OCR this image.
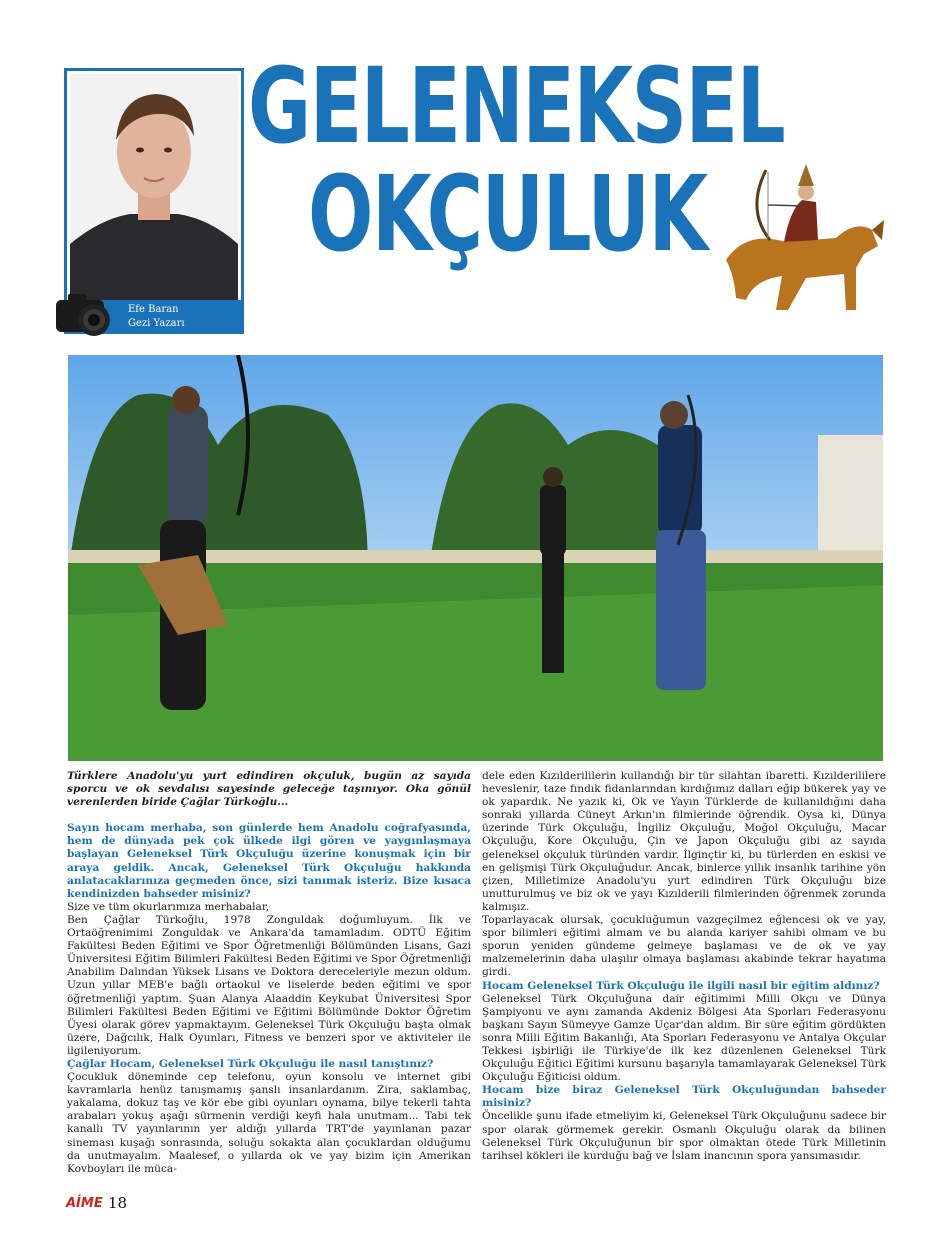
Efe Baran
Gezi Yazarı
GELENEKSEL
OKÇULUK

Türklere Anadolu'yu yurt edindiren okçuluk, bugün az sayıda sporcu ve ok sevdalısı sayesinde geleceğe taşınıyor. Oka gönül verenlerden biride Çağlar Türkoğlu...

Sayın hocam merhaba, son günlerde hem Anadolu coğrafyasında, hem de dünyada pek çok ülkede ilgi gören ve yaygınlaşmaya başlayan Geleneksel Türk Okçuluğu üzerine konuşmak için bir araya geldik. Ancak, Geleneksel Türk Okçuluğu hakkında anlatacaklarınıza geçmeden önce, sizi tanımak isteriz. Bize kısaca kendinizden bahseder misiniz?

Size ve tüm okurlarımıza merhabalar,

Ben Çağlar Türkoğlu, 1978 Zonguldak doğumluyum. İlk ve Ortaöğrenimimi Zonguldak ve Ankara'da tamamladım. ODTÜ Eğitim Fakültesi Beden Eğitimi ve Spor Öğretmenliği Bölümünden Lisans, Gazi Üniversitesi Eğitim Bilimleri Fakültesi Beden Eğitimi ve Spor Öğretmenliği Anabilim Dalından Yüksek Lisans ve Doktora dereceleriyle mezun oldum. Uzun yıllar MEB'e bağlı ortaokul ve liselerde beden eğitimi ve spor öğretmenliği yaptım. Şuan Alanya Alaaddin Keykubat Üniversitesi Spor Bilimleri Fakültesi Beden Eğitimi ve Eğitimi Bölümünde Doktor Öğretim Üyesi olarak görev yapmaktayım. Geleneksel Türk Okçuluğu başta olmak üzere, Dağcılık, Halk Oyunları, Fitness ve benzeri spor ve aktiviteler ile ilgileniyorum.

Çağlar Hocam, Geleneksel Türk Okçuluğu ile nasıl tanıştınız?

Çocukluk döneminde cep telefonu, oyun konsolu ve internet gibi kavramlarla henüz tanışmamış şanslı insanlardanım. Zira, saklambaç, yakalama, dokuz taş ve kör ebe gibi oyunları oynama, bilye tekerli tahta arabaları yokuş aşağı sürmenin verdiği keyfi hala unutmam... Tabi tek kanallı TV yayınlarının yer aldığı yıllarda TRT'de yayınlanan pazar sineması kuşağı sonrasında, soluğu sokakta alan çocuklardan olduğumu da unutmayalım. Maalesef, o yıllarda ok ve yay bizim için Amerikan Kovboyları ile müca-

dele eden Kızılderililerin kullandığı bir tür silahtan ibaretti. Kızılderililere heveslenir, taze fındık fidanlarından kırdığımız dalları eğip bükerek yay ve ok yapardık. Ne yazık ki, Ok ve Yayın Türklerde de kullanıldığını daha sonraki yıllarda Cüneyt Arkın'ın filmlerinde öğrendik. Oysa ki, Dünya üzerinde Türk Okçuluğu, İngiliz Okçuluğu, Moğol Okçuluğu, Macar Okçuluğu, Kore Okçuluğu, Çin ve Japon Okçuluğu gibi az sayıda geleneksel okçuluk türünden vardır. İlginçtir ki, bu türlerden en eskisi ve en gelişmişi Türk Okçuluğudur. Ancak, binlerce yıllık insanlık tarihine yön çizen, Milletimize Anadolu'yu yurt edindiren Türk Okçuluğu bize unutturulmuş ve biz ok ve yayı Kızılderili filmlerinden öğrenmek zorunda kalmışız.

Toparlayacak olursak, çocukluğumun vazgeçilmez eğlencesi ok ve yay, spor bilimleri eğitimi almam ve bu alanda kariyer sahibi olmam ve bu sporun yeniden gündeme gelmeye başlaması ve de ok ve yay malzemelerinin daha ulaşılır olmaya başlaması akabinde tekrar hayatıma girdi.

Hocam Geleneksel Türk Okçuluğu ile ilgili nasıl bir eğitim aldınız?

Geleneksel Türk Okçuluğuna dair eğitimimi Milli Okçu ve Dünya Şampiyonu ve aynı zamanda Akdeniz Bölgesi Ata Sporları Federasyonu başkanı Sayın Sümeyye Gamze Uçar'dan aldım. Bir süre eğitim gördükten sonra Milli Eğitim Bakanlığı, Ata Sporları Federasyonu ve Antalya Okçular Tekkesi işbirliği ile Türkiye'de ilk kez düzenlenen Geleneksel Türk Okçuluğu Eğitici Eğitimi kursunu başarıyla tamamlayarak Geleneksel Türk Okçuluğu Eğiticisi oldum.

Hocam bize biraz Geleneksel Türk Okçuluğundan bahseder misiniz?

Öncelikle şunu ifade etmeliyim ki, Geleneksel Türk Okçuluğunu sadece bir spor olarak görmemek gerekir. Osmanlı Okçuluğu olarak da bilinen Geleneksel Türk Okçuluğunun bir spor olmaktan ötede Türk Milletinin tarihsel kökleri ile kurduğu bağ ve İslam inancının spora yansımasıdır.

AİME 18
